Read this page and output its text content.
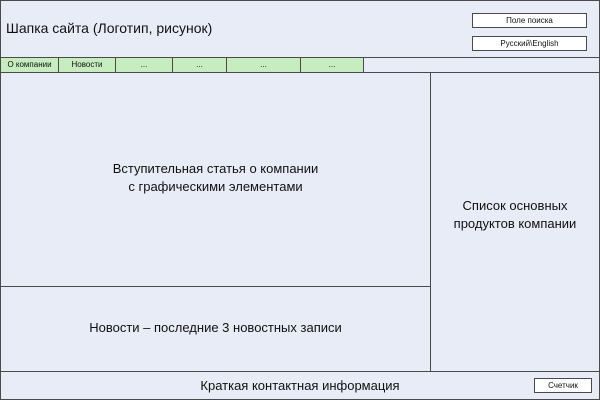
Шапка сайта (Логотип, рисунок)	Поле поиска
Русский\English
О компании	Новости	...	...	...	...
Вступительная статья о компании
с графическими элементами
Новости – последние 3 новостных записи
Список основных
продуктов компании
Краткая контактная информация	Счетчик
